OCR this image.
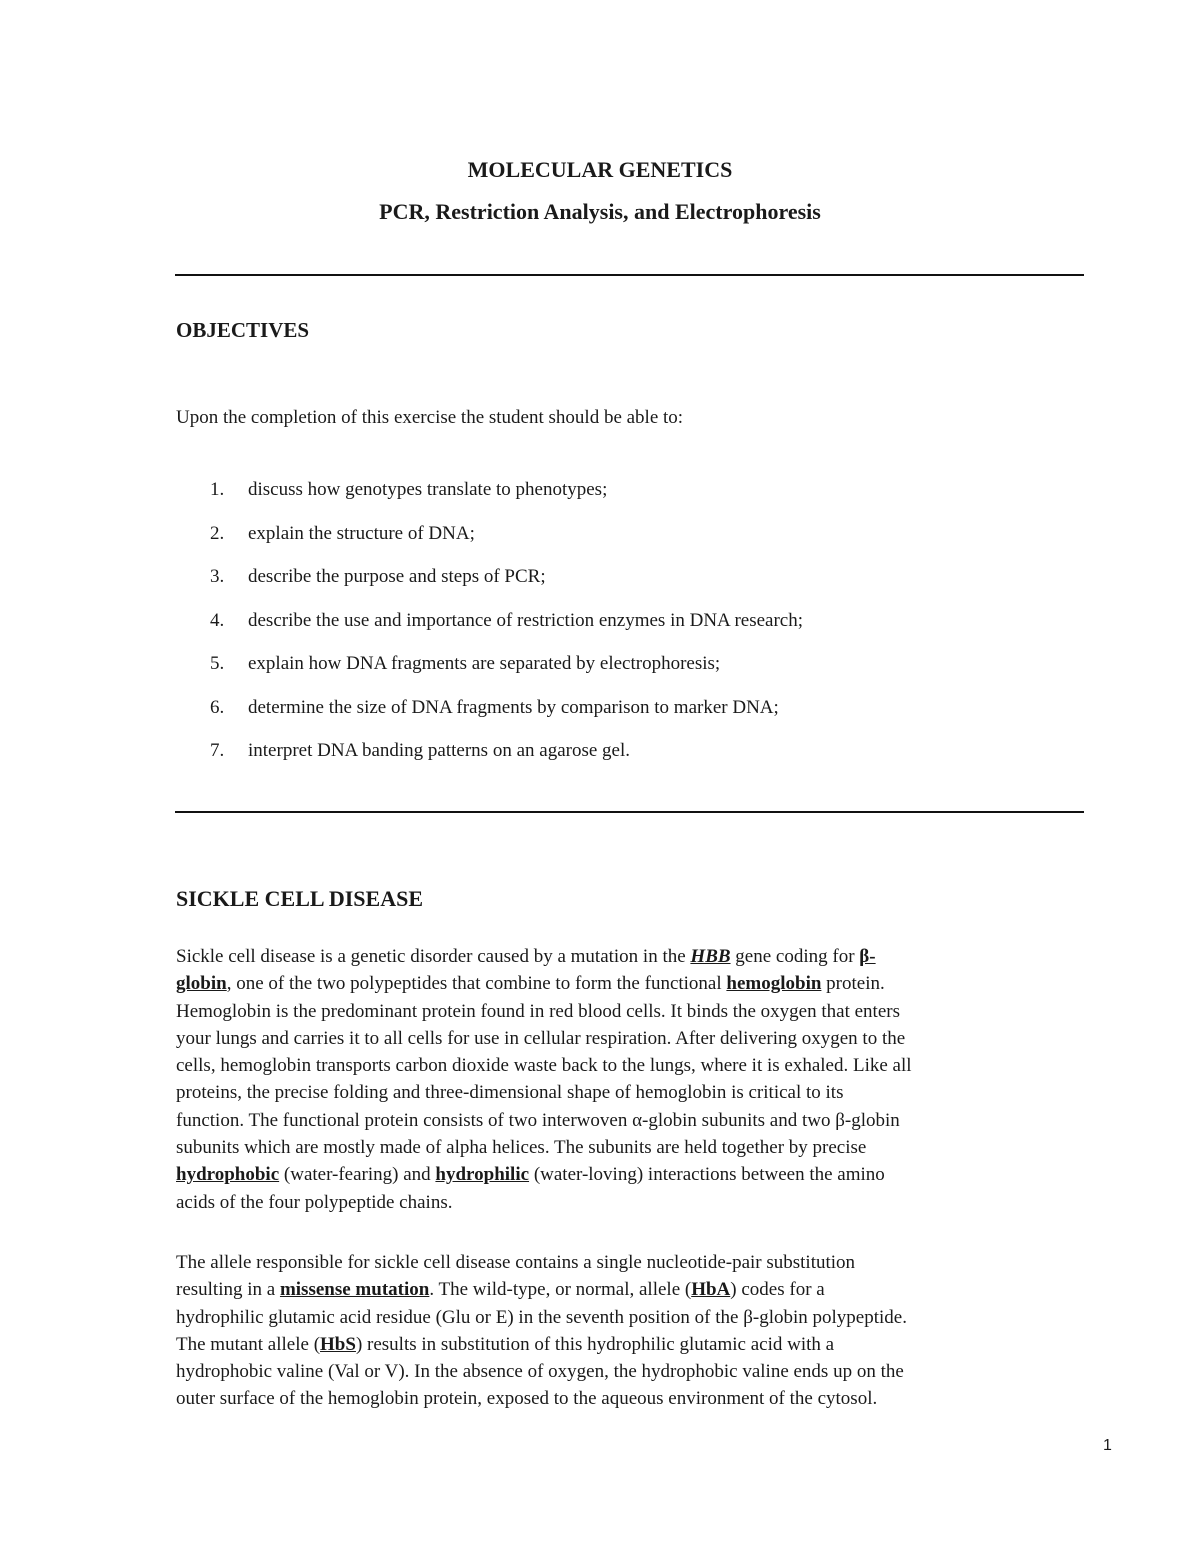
MOLECULAR GENETICS
PCR, Restriction Analysis, and Electrophoresis
OBJECTIVES

Upon the completion of this exercise the student should be able to:

1. discuss how genotypes translate to phenotypes;
2. explain the structure of DNA;
3. describe the purpose and steps of PCR;
4. describe the use and importance of restriction enzymes in DNA research;
5. explain how DNA fragments are separated by electrophoresis;
6. determine the size of DNA fragments by comparison to marker DNA;
7. interpret DNA banding patterns on an agarose gel.
SICKLE CELL DISEASE

Sickle cell disease is a genetic disorder caused by a mutation in the HBB gene coding for β-
globin, one of the two polypeptides that combine to form the functional hemoglobin protein.
Hemoglobin is the predominant protein found in red blood cells. It binds the oxygen that enters
your lungs and carries it to all cells for use in cellular respiration. After delivering oxygen to the
cells, hemoglobin transports carbon dioxide waste back to the lungs, where it is exhaled. Like all
proteins, the precise folding and three-dimensional shape of hemoglobin is critical to its
function. The functional protein consists of two interwoven α-globin subunits and two β-globin
subunits which are mostly made of alpha helices. The subunits are held together by precise
hydrophobic (water-fearing) and hydrophilic (water-loving) interactions between the amino
acids of the four polypeptide chains.

The allele responsible for sickle cell disease contains a single nucleotide-pair substitution
resulting in a missense mutation. The wild-type, or normal, allele (HbA) codes for a
hydrophilic glutamic acid residue (Glu or E) in the seventh position of the β-globin polypeptide.
The mutant allele (HbS) results in substitution of this hydrophilic glutamic acid with a
hydrophobic valine (Val or V). In the absence of oxygen, the hydrophobic valine ends up on the
outer surface of the hemoglobin protein, exposed to the aqueous environment of the cytosol.

1
